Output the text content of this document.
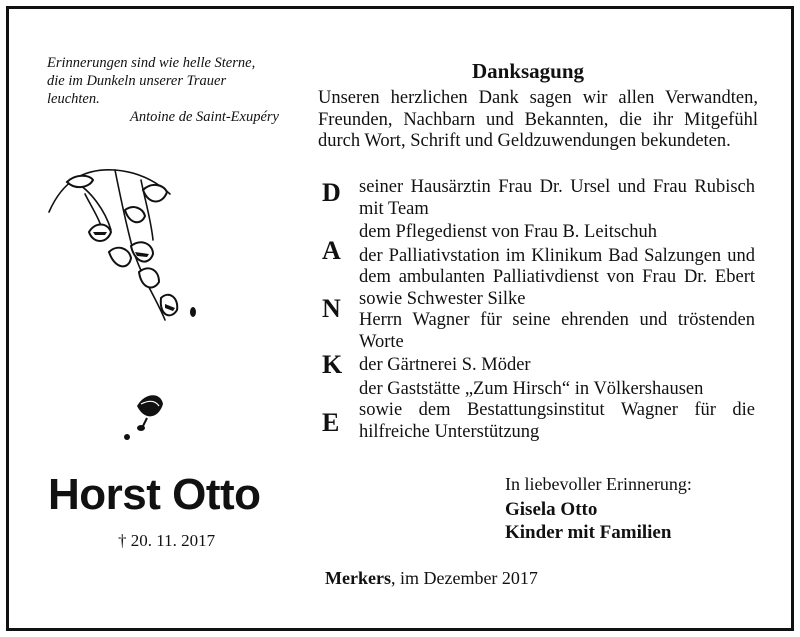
Erinnerungen sind wie helle Sterne,
die im Dunkeln unserer Trauer
leuchten.
Antoine de Saint-Exupéry
Horst Otto
† 20. 11. 2017
Danksagung
Unseren herzlichen Dank sagen wir allen Verwandten, Freunden, Nachbarn und Bekannten, die ihr Mitgefühl durch Wort, Schrift und Geldzuwendungen bekundeten.
D
A
N
K
E
seiner Hausärztin Frau Dr. Ursel und Frau Rubisch mit Team
dem Pflegedienst von Frau B. Leitschuh
der Palliativstation im Klinikum Bad Salzungen und dem ambulanten Palliativdienst von Frau Dr. Ebert sowie Schwester Silke
Herrn Wagner für seine ehrenden und tröstenden Worte
der Gärtnerei S. Möder
der Gaststätte „Zum Hirsch“ in Völkershausen
sowie dem Bestattungsinstitut Wagner für die hilfreiche Unterstützung
In liebevoller Erinnerung:
Gisela Otto
Kinder mit Familien
Merkers, im Dezember 2017
